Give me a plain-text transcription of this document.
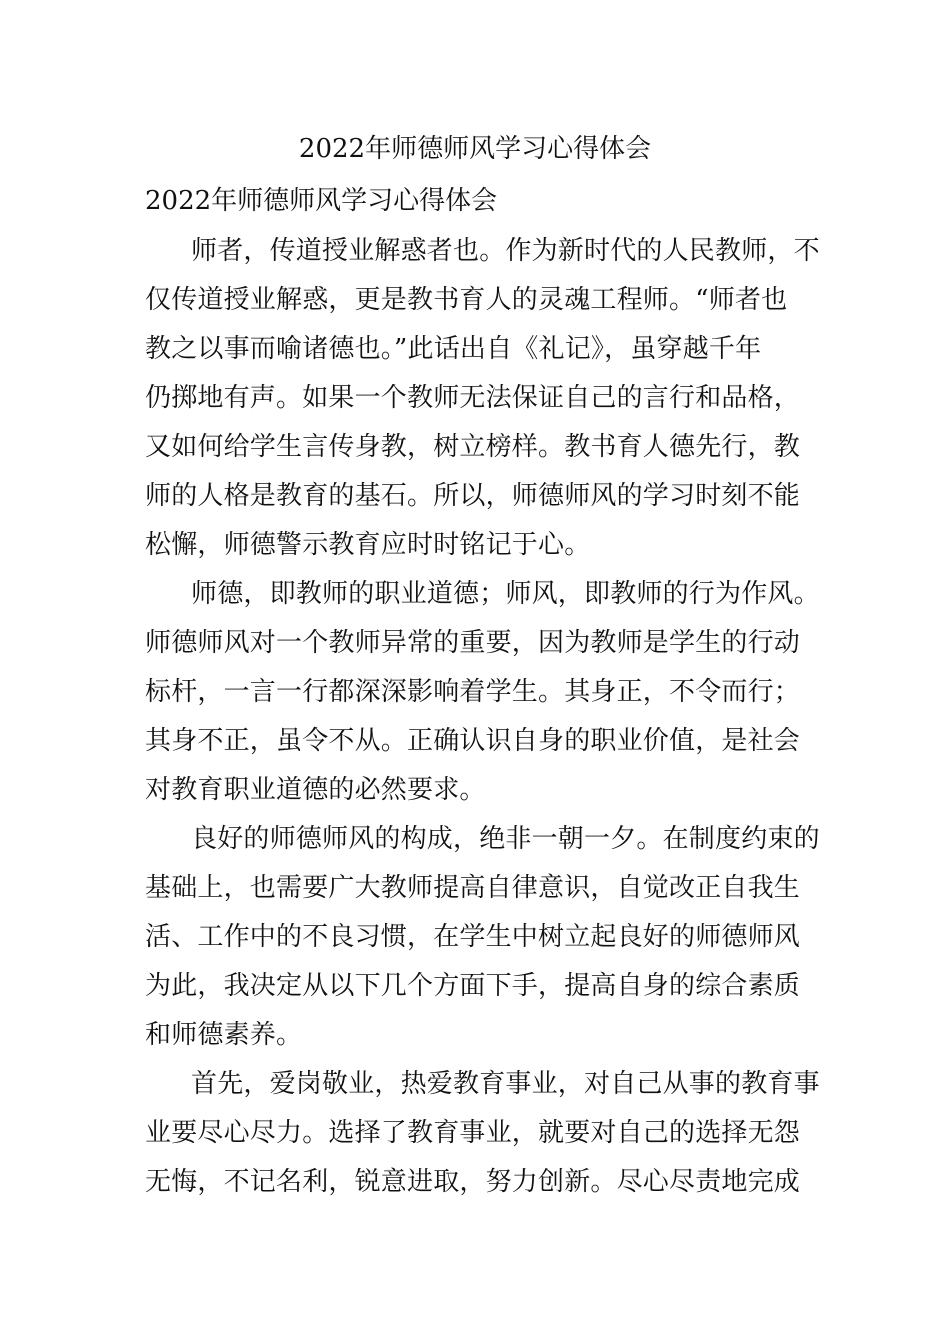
2022年师德师风学习心得体会
2022年师德师风学习心得体会
师者，传道授业解惑者也。作为新时代的人民教师，不
仅传道授业解惑，更是教书育人的灵魂工程师。“师者也
教之以事而喻诸德也。”此话出自《礼记》，虽穿越千年
仍掷地有声。如果一个教师无法保证自己的言行和品格，
又如何给学生言传身教，树立榜样。教书育人德先行，教
师的人格是教育的基石。所以，师德师风的学习时刻不能
松懈，师德警示教育应时时铭记于心。
师德，即教师的职业道德；师风，即教师的行为作风。
师德师风对一个教师异常的重要，因为教师是学生的行动
标杆，一言一行都深深影响着学生。其身正，不令而行；
其身不正，虽令不从。正确认识自身的职业价值，是社会
对教育职业道德的必然要求。
良好的师德师风的构成，绝非一朝一夕。在制度约束的
基础上，也需要广大教师提高自律意识，自觉改正自我生
活、工作中的不良习惯，在学生中树立起良好的师德师风
为此，我决定从以下几个方面下手，提高自身的综合素质
和师德素养。
首先，爱岗敬业，热爱教育事业，对自己从事的教育事
业要尽心尽力。选择了教育事业，就要对自己的选择无怨
无悔，不记名利，锐意进取，努力创新。尽心尽责地完成
